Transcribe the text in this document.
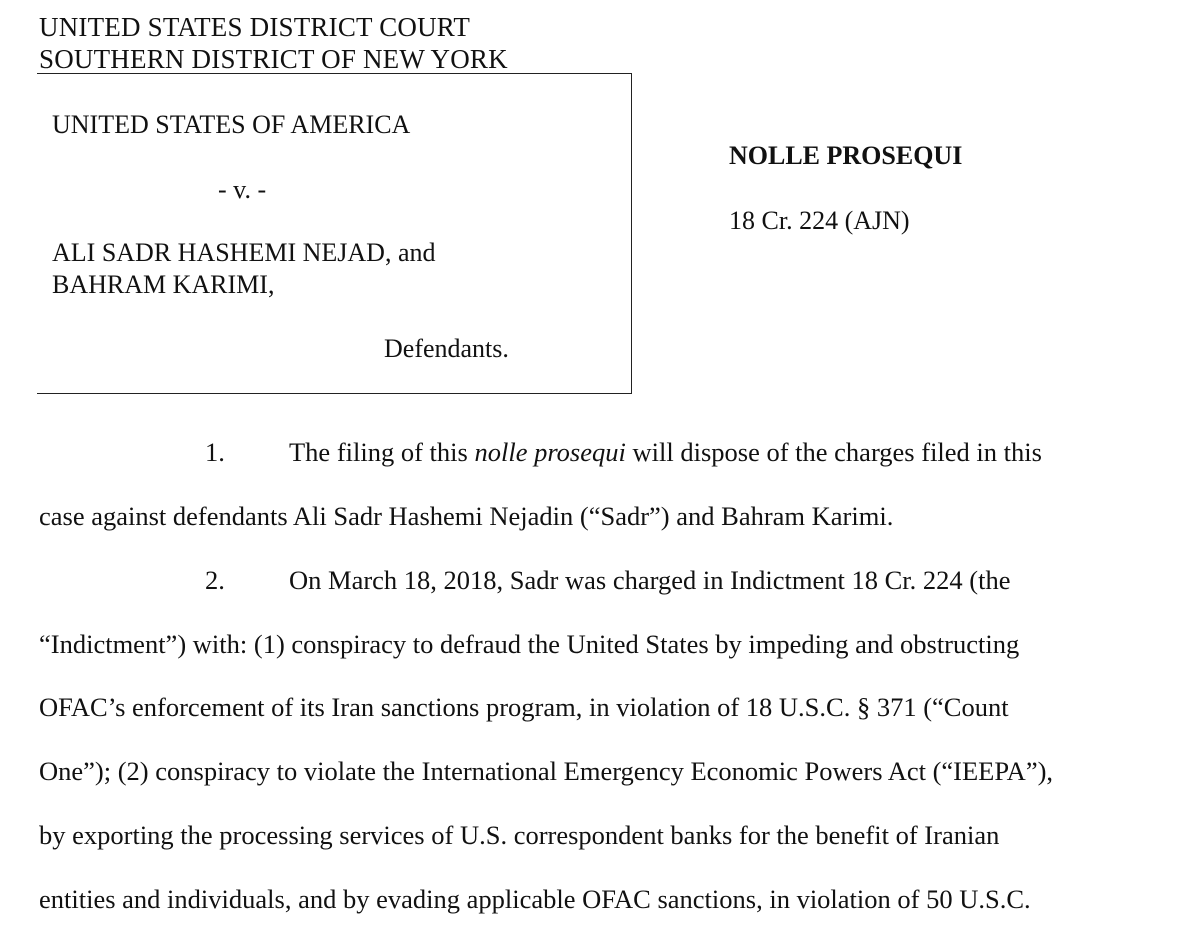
UNITED STATES DISTRICT COURT
SOUTHERN DISTRICT OF NEW YORK
UNITED STATES OF AMERICA
- v. -
ALI SADR HASHEMI NEJAD, and
BAHRAM KARIMI,
Defendants.
NOLLE PROSEQUI
18 Cr. 224 (AJN)
1. The filing of this nolle prosequi will dispose of the charges filed in this
case against defendants Ali Sadr Hashemi Nejadin (“Sadr”) and Bahram Karimi.
2. On March 18, 2018, Sadr was charged in Indictment 18 Cr. 224 (the
“Indictment”) with: (1) conspiracy to defraud the United States by impeding and obstructing
OFAC’s enforcement of its Iran sanctions program, in violation of 18 U.S.C. § 371 (“Count
One”); (2) conspiracy to violate the International Emergency Economic Powers Act (“IEEPA”),
by exporting the processing services of U.S. correspondent banks for the benefit of Iranian
entities and individuals, and by evading applicable OFAC sanctions, in violation of 50 U.S.C.
